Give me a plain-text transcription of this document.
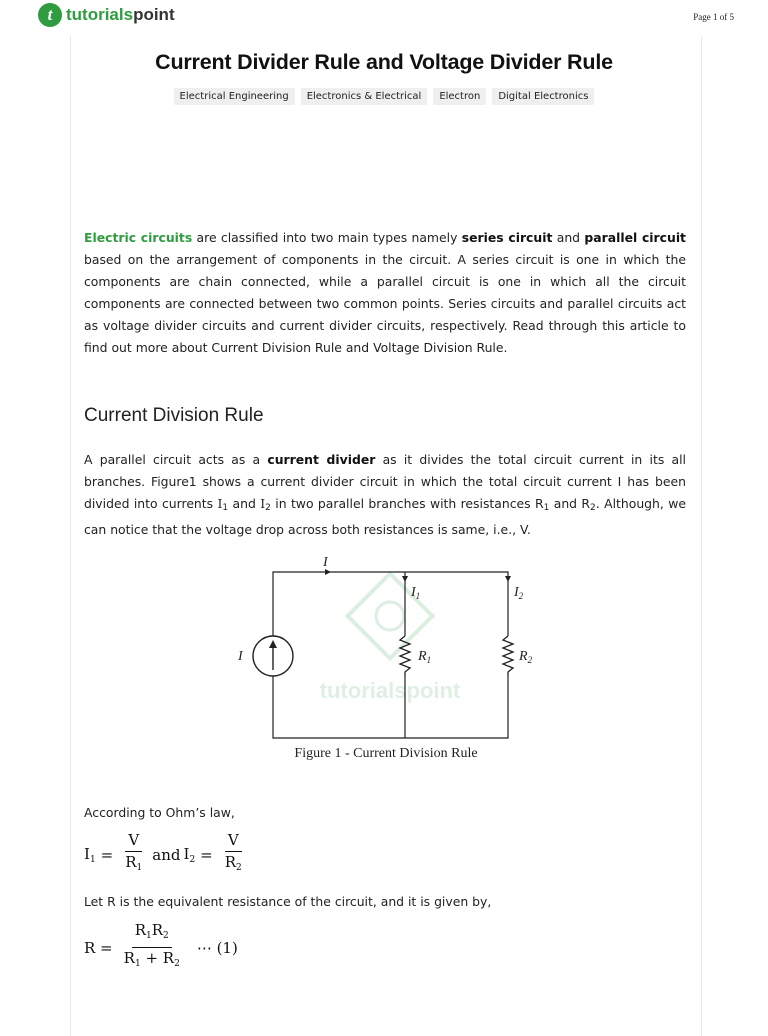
t tutorialspoint	Page 1 of 5
Current Divider Rule and Voltage Divider Rule
Electrical Engineering	Electronics & Electrical	Electron	Digital Electronics
Electric circuits are classified into two main types namely series circuit and parallel circuit based on the arrangement of components in the circuit. A series circuit is one in which the components are chain connected, while a parallel circuit is one in which all the circuit components are connected between two common points. Series circuits and parallel circuits act as voltage divider circuits and current divider circuits, respectively. Read through this article to find out more about Current Division Rule and Voltage Division Rule.
Current Division Rule
A parallel circuit acts as a current divider as it divides the total circuit current in its all branches. Figure1 shows a current divider circuit in which the total circuit current I has been divided into currents $I_1$ and $I_2$ in two parallel branches with resistances $R_1$ and $R_2$. Although, we can notice that the voltage drop across both resistances is same, i.e., V.
tutorialspoint
I
$I_1$	$I_2$
$R_1$	$R_2$
I
Figure 1 - Current Division Rule
According to Ohm’s law,
$I_1 = \frac{V}{R_1}$ and $I_2 = \frac{V}{R_2}$
Let R is the equivalent resistance of the circuit, and it is given by,
$R = \frac{R_1R_2}{R_1 + R_2}$ ⋯ (1)
